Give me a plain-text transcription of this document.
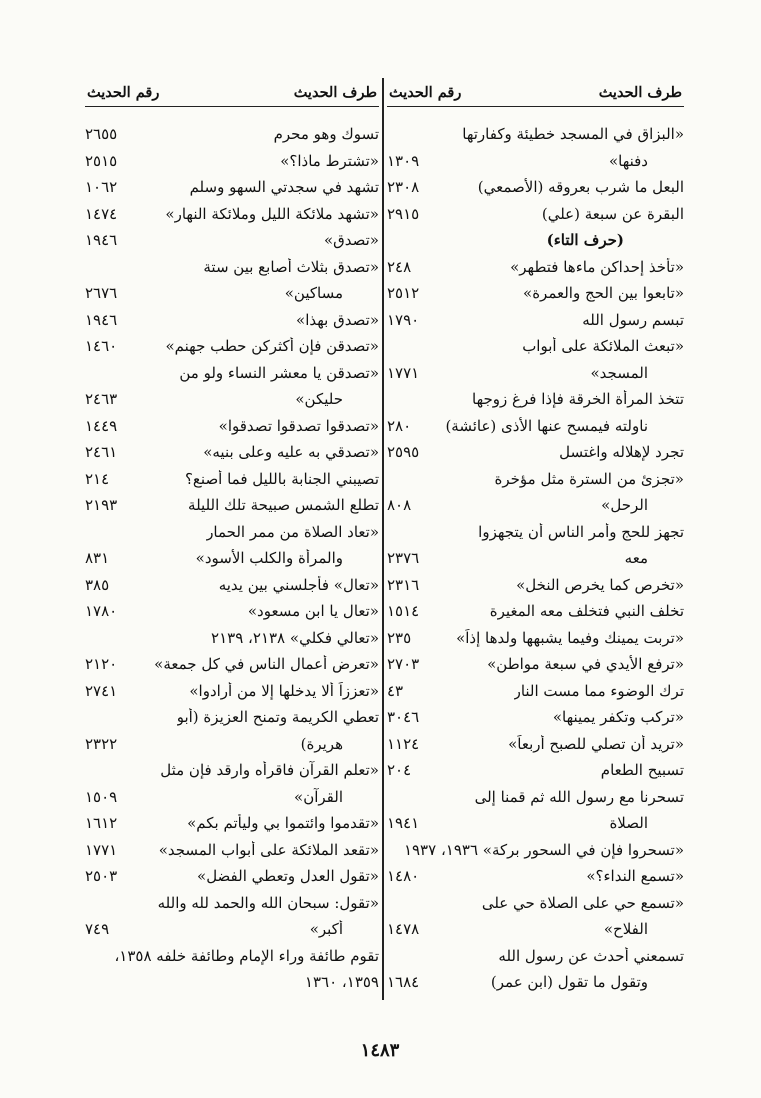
طرف الحديث
رقم الحديث
«البزاق في المسجد خطيئة وكفارتها
دفنها»
١٣٠٩
البعل ما شرب بعروقه (الأصمعي)
٢٣٠٨
البقرة عن سبعة (علي)
٢٩١٥
(حرف التاء)
«تأخذ إحداكن ماءها فتطهر»
٢٤٨
«تابعوا بين الحج والعمرة»
٢٥١٢
تبسم رسول الله
١٧٩٠
«تبعث الملائكة على أبواب
المسجد»
١٧٧١
تتخذ المرأة الخرقة فإذا فرغ زوجها
ناولته فيمسح عنها الأذى (عائشة)
٢٨٠
تجرد لإهلاله واغتسل
٢٥٩٥
«تجزئ من السترة مثل مؤخرة
الرحل»
٨٠٨
تجهز للحج وأمر الناس أن يتجهزوا
معه
٢٣٧٦
«تخرص كما يخرص النخل»
٢٣١٦
تخلف النبي فتخلف معه المغيرة
١٥١٤
«تربت يمينك وفيما يشبهها ولدها إذاً»
٢٣٥
«ترفع الأيدي في سبعة مواطن»
٢٧٠٣
ترك الوضوء مما مست النار
٤٣
«تركب وتكفر يمينها»
٣٠٤٦
«تريد أن تصلي للصبح أربعاً»
١١٢٤
تسبيح الطعام
٢٠٤
تسحرنا مع رسول الله ثم قمنا إلى
الصلاة
١٩٤١
«تسحروا فإن في السحور بركة» ١٩٣٦، ١٩٣٧
«تسمع النداء؟»
١٤٨٠
«تسمع حي على الصلاة حي على
الفلاح»
١٤٧٨
تسمعني أحدث عن رسول الله
وتقول ما تقول (ابن عمر)
١٦٨٤
طرف الحديث
رقم الحديث
تسوك وهو محرم
٢٦٥٥
«تشترط ماذا؟»
٢٥١٥
تشهد في سجدتي السهو وسلم
١٠٦٢
«تشهد ملائكة الليل وملائكة النهار»
١٤٧٤
«تصدق»
١٩٤٦
«تصدق بثلاث أصابع بين ستة
مساكين»
٢٦٧٦
«تصدق بهذا»
١٩٤٦
«تصدقن فإن أكثركن حطب جهنم»
١٤٦٠
«تصدقن يا معشر النساء ولو من
حليكن»
٢٤٦٣
«تصدقوا تصدقوا تصدقوا»
١٤٤٩
«تصدقي به عليه وعلى بنيه»
٢٤٦١
تصيبني الجنابة بالليل فما أصنع؟
٢١٤
تطلع الشمس صبيحة تلك الليلة
٢١٩٣
«تعاد الصلاة من ممر الحمار
والمرأة والكلب الأسود»
٨٣١
«تعال» فأجلسني بين يديه
٣٨٥
«تعال يا ابن مسعود»
١٧٨٠
«تعالي فكلي» ٢١٣٨، ٢١٣٩
«تعرض أعمال الناس في كل جمعة»
٢١٢٠
«تعززاً ألا يدخلها إلا من أرادوا»
٢٧٤١
تعطي الكريمة وتمنح العزيزة (أبو
هريرة)
٢٣٢٢
«تعلم القرآن فاقرأه وارقد فإن مثل
القرآن»
١٥٠٩
«تقدموا وائتموا بي وليأتم بكم»
١٦١٢
«تقعد الملائكة على أبواب المسجد»
١٧٧١
«تقول العدل وتعطي الفضل»
٢٥٠٣
«تقول: سبحان الله والحمد لله والله
أكبر»
٧٤٩
تقوم طائفة وراء الإمام وطائفة خلفه ١٣٥٨،
١٣٥٩، ١٣٦٠
١٤٨٣
